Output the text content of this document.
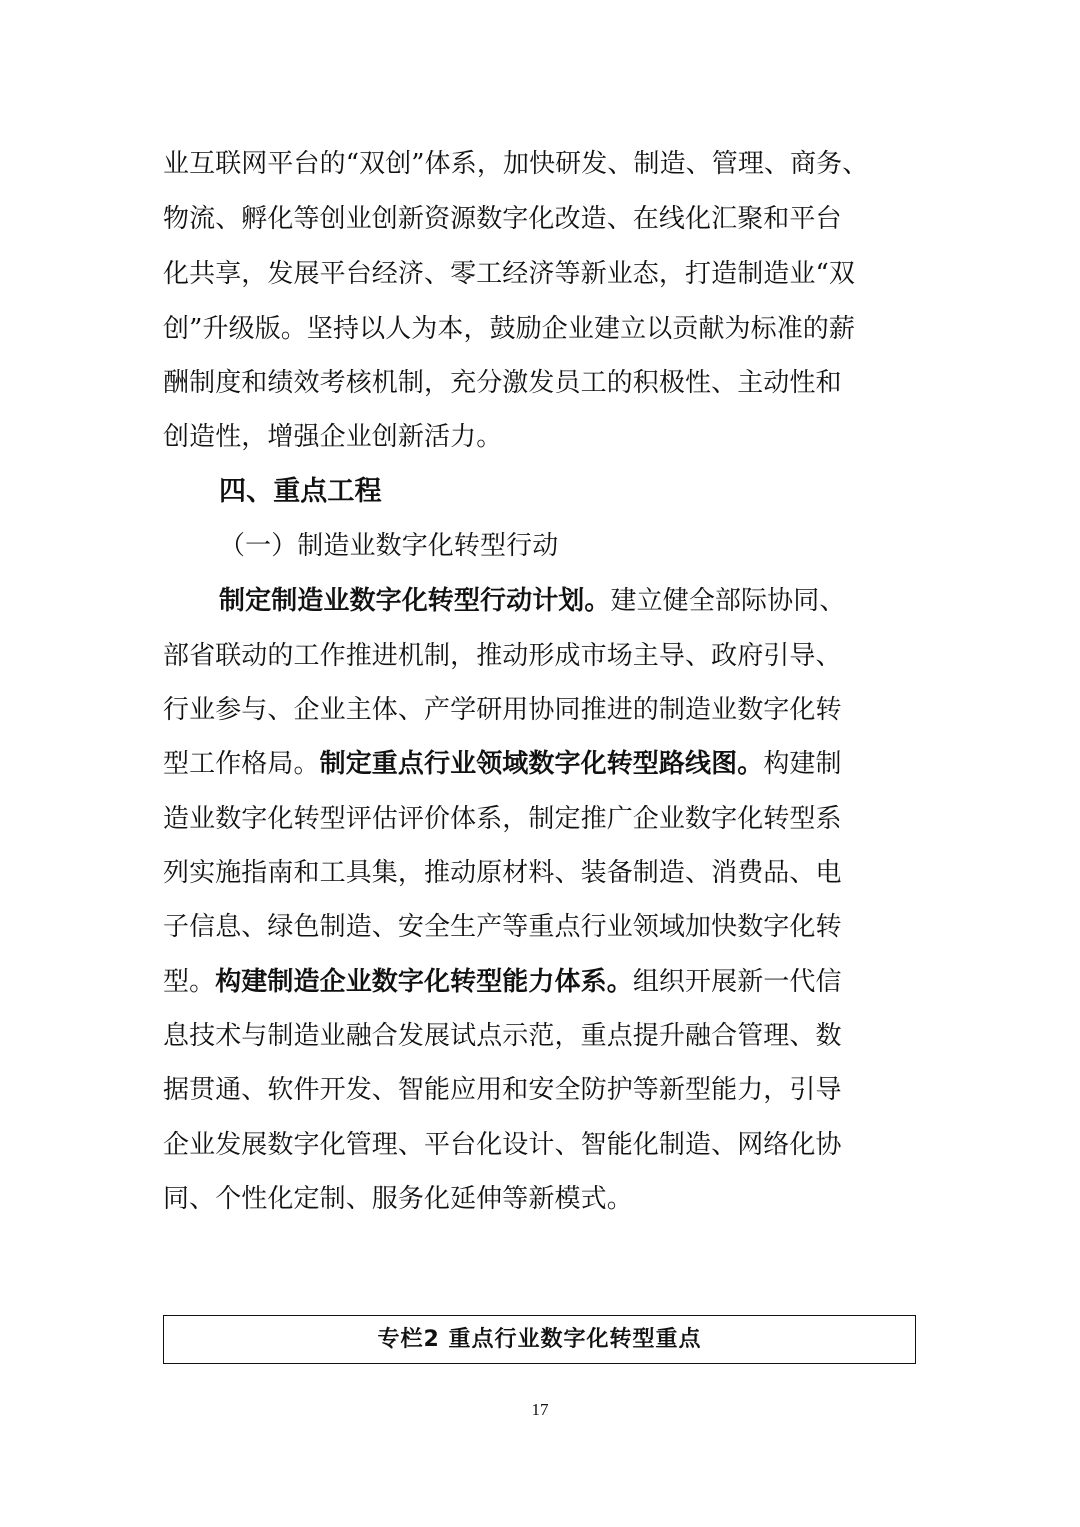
业互联网平台的“双创”体系，加快研发、制造、管理、商务、
物流、孵化等创业创新资源数字化改造、在线化汇聚和平台
化共享，发展平台经济、零工经济等新业态，打造制造业“双
创”升级版。坚持以人为本，鼓励企业建立以贡献为标准的薪
酬制度和绩效考核机制，充分激发员工的积极性、主动性和
创造性，增强企业创新活力。
四、重点工程
（一）制造业数字化转型行动
制定制造业数字化转型行动计划。建立健全部际协同、
部省联动的工作推进机制，推动形成市场主导、政府引导、
行业参与、企业主体、产学研用协同推进的制造业数字化转
型工作格局。制定重点行业领域数字化转型路线图。构建制
造业数字化转型评估评价体系，制定推广企业数字化转型系
列实施指南和工具集，推动原材料、装备制造、消费品、电
子信息、绿色制造、安全生产等重点行业领域加快数字化转
型。构建制造企业数字化转型能力体系。组织开展新一代信
息技术与制造业融合发展试点示范，重点提升融合管理、数
据贯通、软件开发、智能应用和安全防护等新型能力，引导
企业发展数字化管理、平台化设计、智能化制造、网络化协
同、个性化定制、服务化延伸等新模式。
专栏2 重点行业数字化转型重点
17
